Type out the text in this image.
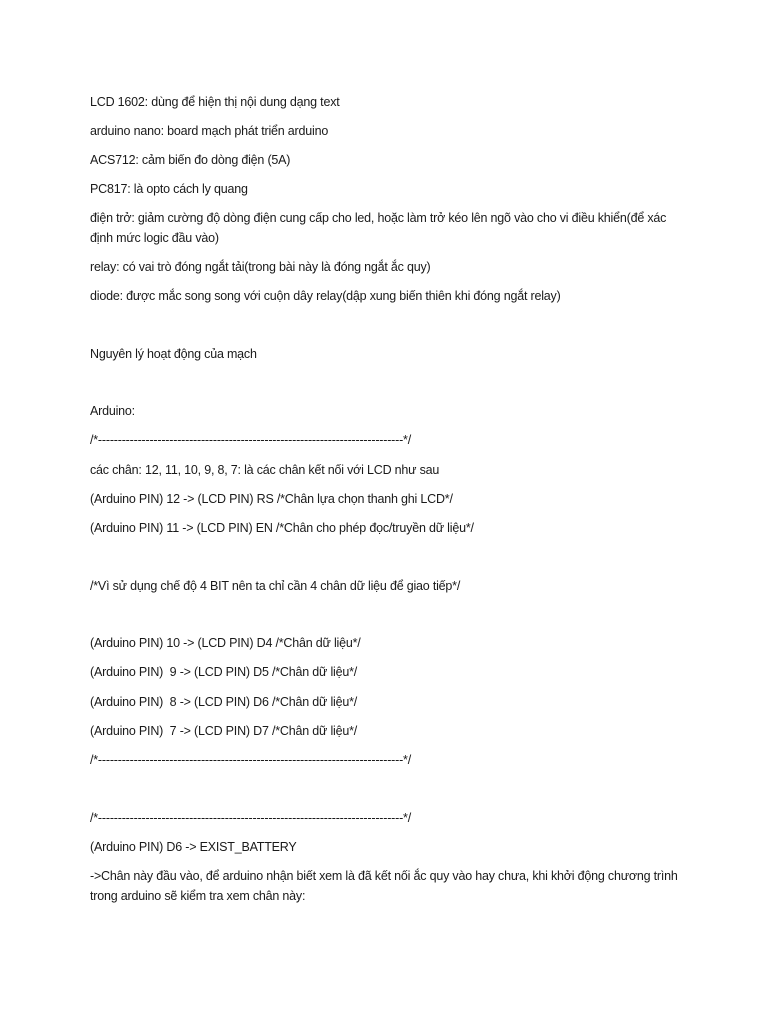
LCD 1602: dùng để hiện thị nội dung dạng text
arduino nano: board mạch phát triển arduino
ACS712: cảm biến đo dòng điện (5A)
PC817: là opto cách ly quang
điện trở: giảm cường độ dòng điện cung cấp cho led, hoặc làm trở kéo lên ngõ vào cho vi điều khiển(để xác định mức logic đầu vào)
relay: có vai trò đóng ngắt tải(trong bài này là đóng ngắt ắc quy)
diode: được mắc song song với cuộn dây relay(dập xung biến thiên khi đóng ngắt relay)
Nguyên lý hoạt động của mạch
Arduino:
/*-----------------------------------------------------------------------------*/
các chân: 12, 11, 10, 9, 8, 7: là các chân kết nối với LCD như sau
(Arduino PIN) 12 -> (LCD PIN) RS /*Chân lựa chọn thanh ghi LCD*/
(Arduino PIN) 11 -> (LCD PIN) EN /*Chân cho phép đọc/truyền dữ liệu*/
/*Vì sử dụng chế độ 4 BIT nên ta chỉ cần 4 chân dữ liệu để giao tiếp*/
(Arduino PIN) 10 -> (LCD PIN) D4 /*Chân dữ liệu*/
(Arduino PIN)  9 -> (LCD PIN) D5 /*Chân dữ liệu*/
(Arduino PIN)  8 -> (LCD PIN) D6 /*Chân dữ liệu*/
(Arduino PIN)  7 -> (LCD PIN) D7 /*Chân dữ liệu*/
/*-----------------------------------------------------------------------------*/
/*-----------------------------------------------------------------------------*/
(Arduino PIN) D6 -> EXIST_BATTERY
->Chân này đầu vào, để arduino nhận biết xem là đã kết nối ắc quy vào hay chưa, khi khởi động chương trình trong arduino sẽ kiểm tra xem chân này:
